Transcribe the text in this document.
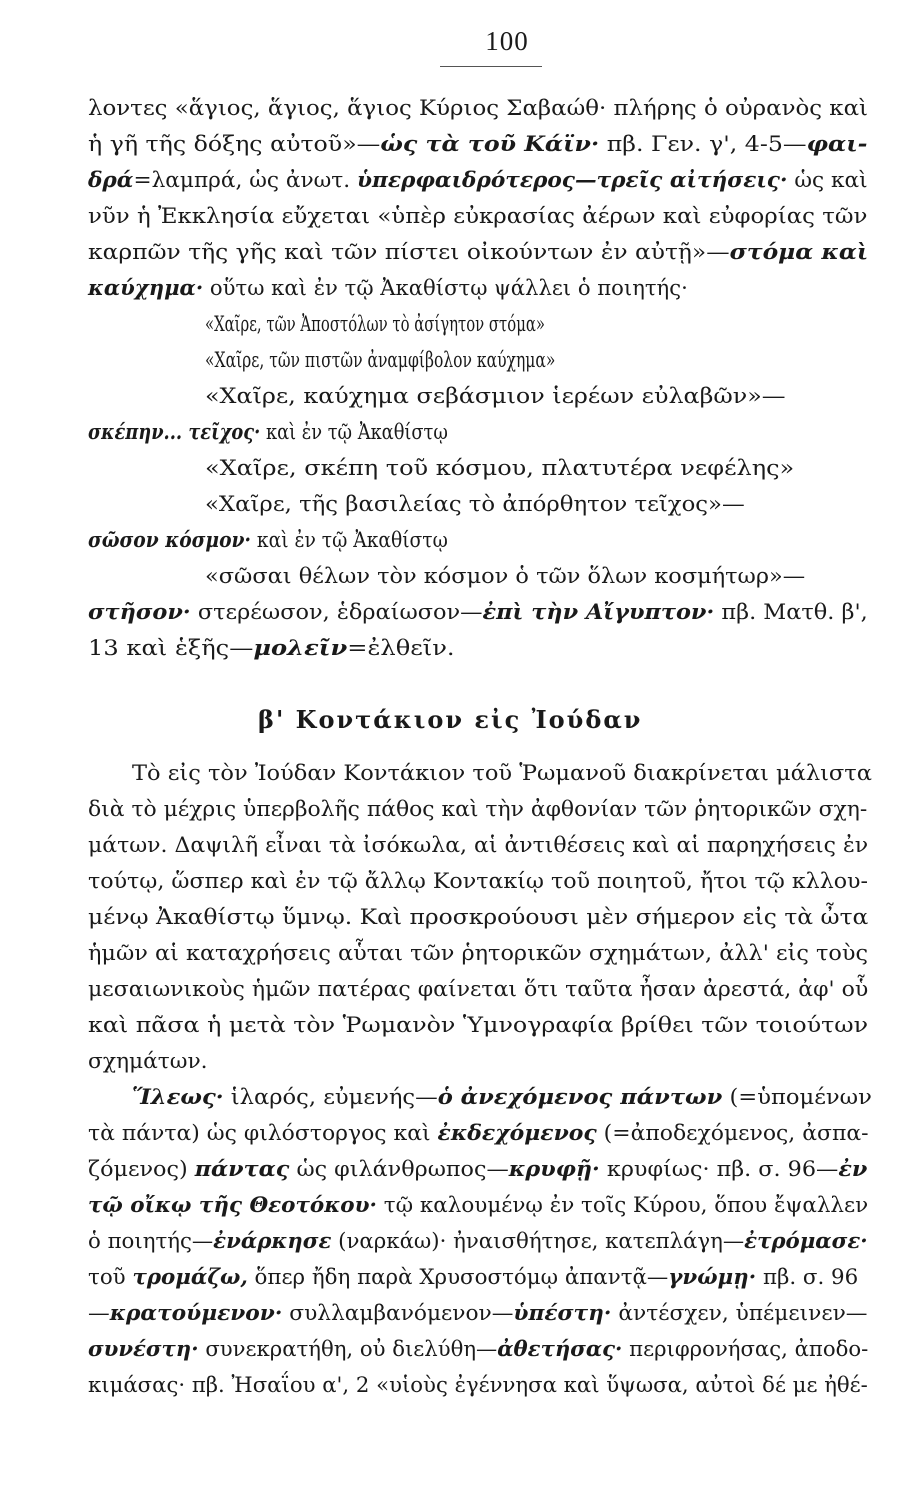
100
λοντες «ἅγιος, ἅγιος, ἅγιος Κύριος Σαβαώθ· πλήρης ὁ οὐρανὸς καὶ
ἡ γῆ τῆς δόξης αὐτοῦ»—ὡς τὰ τοῦ Κάϊν· πβ. Γεν. γ', 4-5—φαι-
δρά=λαμπρά, ὡς ἀνωτ. ὑπερφαιδρότερος—τρεῖς αἰτήσεις· ὡς καὶ
νῦν ἡ Ἐκκλησία εὔχεται «ὑπὲρ εὐκρασίας ἀέρων καὶ εὐφορίας τῶν
καρπῶν τῆς γῆς καὶ τῶν πίστει οἰκούντων ἐν αὐτῇ»—στόμα καὶ
καύχημα· οὕτω καὶ ἐν τῷ Ἀκαθίστῳ ψάλλει ὁ ποιητής·
«Χαῖρε, τῶν Ἀποστόλων τὸ ἀσίγητον στόμα»
«Χαῖρε, τῶν πιστῶν ἀναμφίβολον καύχημα»
«Χαῖρε, καύχημα σεβάσμιον ἱερέων εὐλαβῶν»—
σκέπην... τεῖχος· καὶ ἐν τῷ Ἀκαθίστῳ
«Χαῖρε, σκέπη τοῦ κόσμου, πλατυτέρα νεφέλης»
«Χαῖρε, τῆς βασιλείας τὸ ἀπόρθητον τεῖχος»—
σῶσον κόσμον· καὶ ἐν τῷ Ἀκαθίστῳ
«σῶσαι θέλων τὸν κόσμον ὁ τῶν ὅλων κοσμήτωρ»—
στῆσον· στερέωσον, ἑδραίωσον—ἐπὶ τὴν Αἴγυπτον· πβ. Ματθ. β',
13 καὶ ἑξῆς—μολεῖν=ἐλθεῖν.
β' Κοντάκιον εἰς Ἰούδαν
Τὸ εἰς τὸν Ἰούδαν Κοντάκιον τοῦ Ῥωμανοῦ διακρίνεται μάλιστα
διὰ τὸ μέχρις ὑπερβολῆς πάθος καὶ τὴν ἀφθονίαν τῶν ῥητορικῶν σχη-
μάτων. Δαψιλῆ εἶναι τὰ ἰσόκωλα, αἱ ἀντιθέσεις καὶ αἱ παρηχήσεις ἐν
τούτῳ, ὥσπερ καὶ ἐν τῷ ἄλλῳ Κοντακίῳ τοῦ ποιητοῦ, ἤτοι τῷ κλλου-
μένῳ Ἀκαθίστῳ ὕμνῳ. Καὶ προσκρούουσι μὲν σήμερον εἰς τὰ ὦτα
ἡμῶν αἱ καταχρήσεις αὗται τῶν ῥητορικῶν σχημάτων, ἀλλ' εἰς τοὺς
μεσαιωνικοὺς ἡμῶν πατέρας φαίνεται ὅτι ταῦτα ἦσαν ἀρεστά, ἀφ' οὗ
καὶ πᾶσα ἡ μετὰ τὸν Ῥωμανὸν Ὑμνογραφία βρίθει τῶν τοιούτων
σχημάτων.
Ἵλεως· ἱλαρός, εὐμενής—ὁ ἀνεχόμενος πάντων (=ὑπομένων
τὰ πάντα) ὡς φιλόστοργος καὶ ἐκδεχόμενος (=ἀποδεχόμενος, ἀσπα-
ζόμενος) πάντας ὡς φιλάνθρωπος—κρυφῇ· κρυφίως· πβ. σ. 96—ἐν
τῷ οἴκῳ τῆς Θεοτόκου· τῷ καλουμένῳ ἐν τοῖς Κύρου, ὅπου ἔψαλλεν
ὁ ποιητής—ἐνάρκησε (ναρκάω)· ἠναισθήτησε, κατεπλάγη—ἐτρόμασε·
τοῦ τρομάζω, ὅπερ ἤδη παρὰ Χρυσοστόμῳ ἀπαντᾷ—γνώμῃ· πβ. σ. 96
—κρατούμενον· συλλαμβανόμενον—ὑπέστη· ἀντέσχεν, ὑπέμεινεν—
συνέστη· συνεκρατήθη, οὐ διελύθη—ἀθετήσας· περιφρονήσας, ἀποδο-
κιμάσας· πβ. Ἠσαΐου α', 2 «υἱοὺς ἐγέννησα καὶ ὕψωσα, αὐτοὶ δέ με ἠθέ-
